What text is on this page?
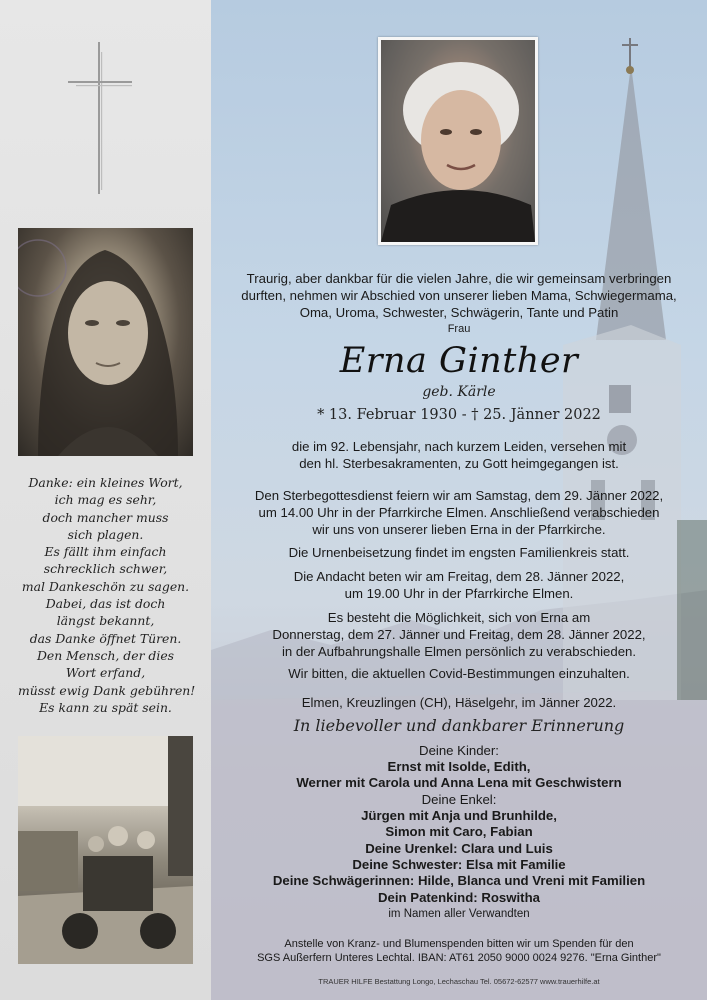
Danke: ein kleines Wort,
ich mag es sehr,
doch mancher muss
sich plagen.
Es fällt ihm einfach
schrecklich schwer,
mal Dankeschön zu sagen.
Dabei, das ist doch
längst bekannt,
das Danke öffnet Türen.
Den Mensch, der dies
Wort erfand,
müsst ewig Dank gebühren!
Es kann zu spät sein.
Traurig, aber dankbar für die vielen Jahre, die wir gemeinsam verbringen
durften, nehmen wir Abschied von unserer lieben Mama, Schwiegermama,
Oma, Uroma, Schwester, Schwägerin, Tante und Patin
Frau
Erna Ginther
geb. Kärle
* 13. Februar 1930 - † 25. Jänner 2022
die im 92. Lebensjahr, nach kurzem Leiden, versehen mit
den hl. Sterbesakramenten, zu Gott heimgegangen ist.
Den Sterbegottesdienst feiern wir am Samstag, dem 29. Jänner 2022,
um 14.00 Uhr in der Pfarrkirche Elmen. Anschließend verabschieden
wir uns von unserer lieben Erna in der Pfarrkirche.
Die Urnenbeisetzung findet im engsten Familienkreis statt.
Die Andacht beten wir am Freitag, dem 28. Jänner 2022,
um 19.00 Uhr in der Pfarrkirche Elmen.
Es besteht die Möglichkeit, sich von Erna am
Donnerstag, dem 27. Jänner und Freitag, dem 28. Jänner 2022,
in der Aufbahrungshalle Elmen persönlich zu verabschieden.
Wir bitten, die aktuellen Covid-Bestimmungen einzuhalten.
Elmen, Kreuzlingen (CH), Häselgehr, im Jänner 2022.
In liebevoller und dankbarer Erinnerung
Deine Kinder:
Ernst mit Isolde, Edith,
Werner mit Carola und Anna Lena mit Geschwistern
Deine Enkel:
Jürgen mit Anja und Brunhilde,
Simon mit Caro, Fabian
Deine Urenkel: Clara und Luis
Deine Schwester: Elsa mit Familie
Deine Schwägerinnen: Hilde, Blanca und Vreni mit Familien
Dein Patenkind: Roswitha
im Namen aller Verwandten
Anstelle von Kranz- und Blumenspenden bitten wir um Spenden für den
SGS Außerfern Unteres Lechtal. IBAN: AT61 2050 9000 0024 9276. "Erna Ginther"
TRAUER HILFE Bestattung Longo, Lechaschau Tel. 05672-62577 www.trauerhilfe.at
